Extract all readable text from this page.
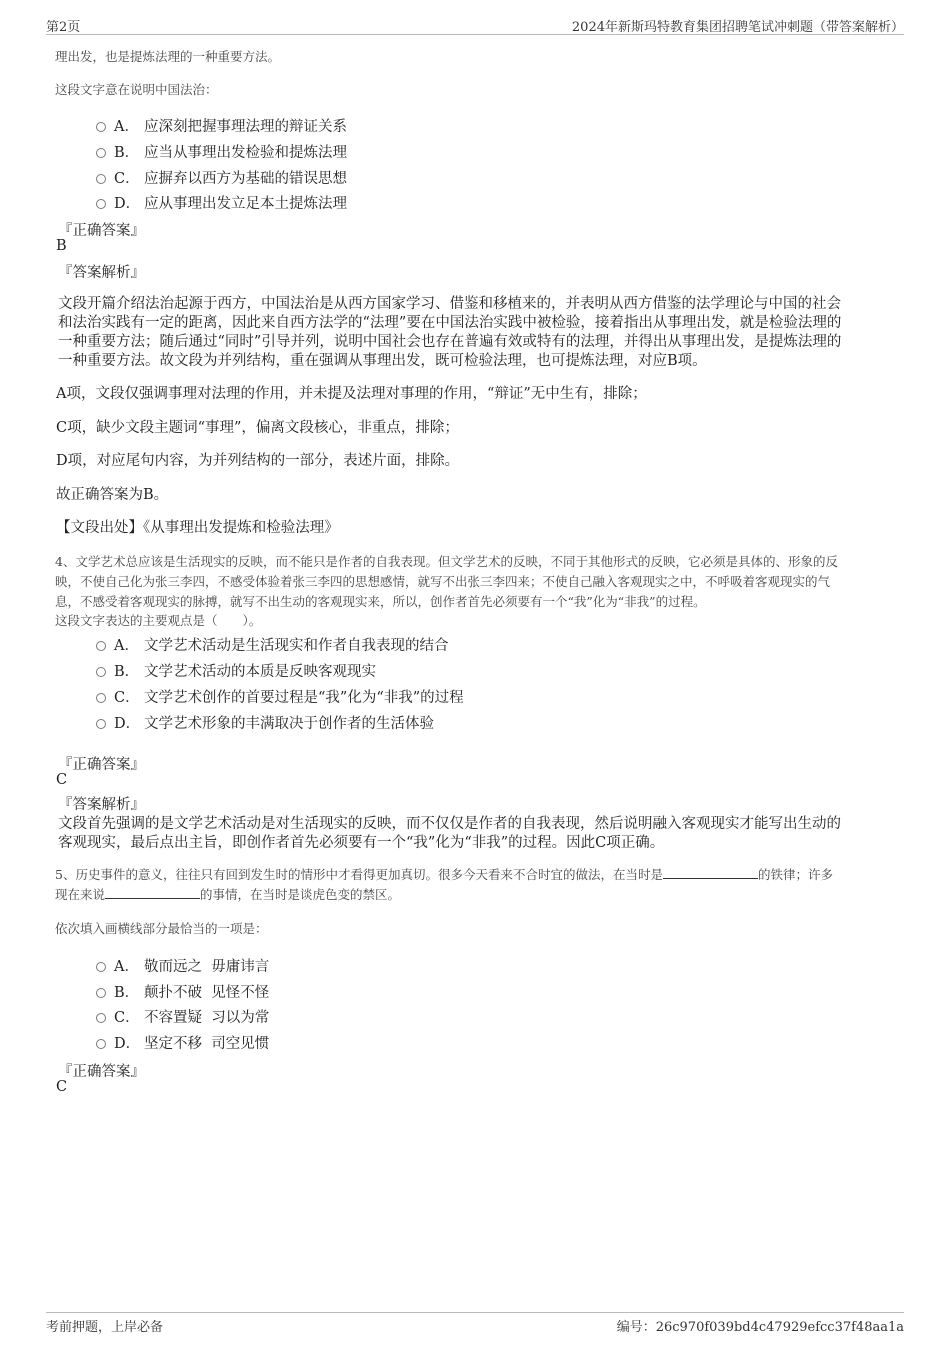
第2页	2024年新斯玛特教育集团招聘笔试冲刺题（带答案解析）
理出发，也是提炼法理的一种重要方法。
这段文字意在说明中国法治：
A． 应深刻把握事理法理的辩证关系
B． 应当从事理出发检验和提炼法理
C． 应摒弃以西方为基础的错误思想
D． 应从事理出发立足本土提炼法理
『正确答案』
B
『答案解析』
文段开篇介绍法治起源于西方，中国法治是从西方国家学习、借鉴和移植来的，并表明从西方借鉴的法学理论与中国的社会
和法治实践有一定的距离，因此来自西方法学的“法理”要在中国法治实践中被检验，接着指出从事理出发，就是检验法理的
一种重要方法；随后通过“同时”引导并列，说明中国社会也存在普遍有效或特有的法理，并得出从事理出发，是提炼法理的
一种重要方法。故文段为并列结构，重在强调从事理出发，既可检验法理，也可提炼法理，对应B项。
A项，文段仅强调事理对法理的作用，并未提及法理对事理的作用，“辩证”无中生有，排除；
C项，缺少文段主题词“事理”，偏离文段核心，非重点，排除；
D项，对应尾句内容，为并列结构的一部分，表述片面，排除。
故正确答案为B。
【文段出处】《从事理出发提炼和检验法理》
4、文学艺术总应该是生活现实的反映，而不能只是作者的自我表现。但文学艺术的反映，不同于其他形式的反映，它必须是具体的、形象的反
映，不使自己化为张三李四，不感受体验着张三李四的思想感情，就写不出张三李四来；不使自己融入客观现实之中，不呼吸着客观现实的气
息，不感受着客观现实的脉搏，就写不出生动的客观现实来，所以，创作者首先必须要有一个“我”化为“非我”的过程。
这段文字表达的主要观点是（　　）。
A． 文学艺术活动是生活现实和作者自我表现的结合
B． 文学艺术活动的本质是反映客观现实
C． 文学艺术创作的首要过程是“我”化为“非我”的过程
D． 文学艺术形象的丰满取决于创作者的生活体验
『正确答案』
C
『答案解析』
文段首先强调的是文学艺术活动是对生活现实的反映，而不仅仅是作者的自我表现，然后说明融入客观现实才能写出生动的
客观现实，最后点出主旨，即创作者首先必须要有一个“我”化为“非我”的过程。因此C项正确。
5、历史事件的意义，往往只有回到发生时的情形中才看得更加真切。很多今天看来不合时宜的做法，在当时是	的铁律；许多
现在来说	的事情，在当时是谈虎色变的禁区。
依次填入画横线部分最恰当的一项是：
A． 敬而远之  毋庸讳言
B． 颠扑不破  见怪不怪
C． 不容置疑  习以为常
D． 坚定不移  司空见惯
『正确答案』
C
考前押题，上岸必备	编号：26c970f039bd4c47929efcc37f48aa1a
